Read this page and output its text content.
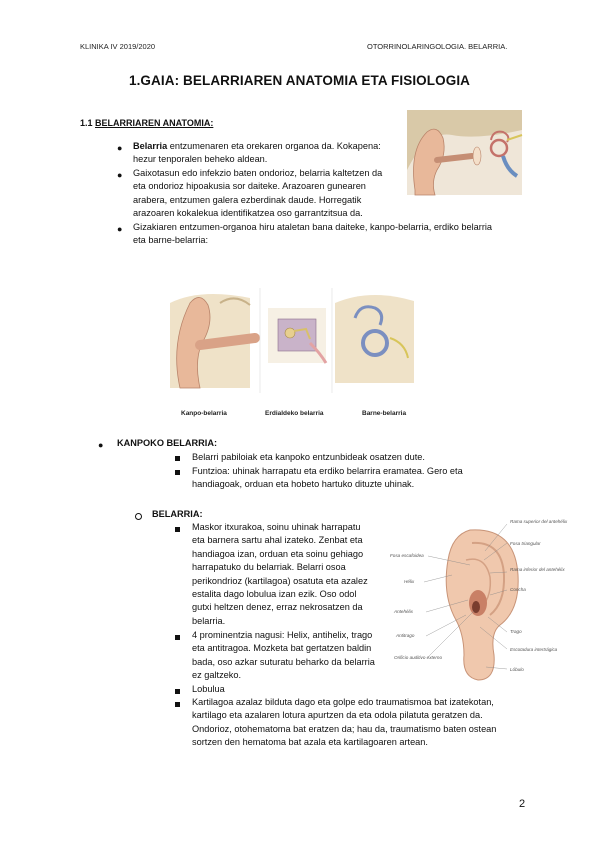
KLINIKA IV 2019/2020	OTORRINOLARINGOLOGIA. BELARRIA.
1.GAIA: BELARRIAREN ANATOMIA ETA FISIOLOGIA
1.1 BELARRIAREN ANATOMIA:
● Belarria entzumenaren eta orekaren organoa da. Kokapena:
hezur tenporalen beheko aldean.
● Gaixotasun edo infekzio baten ondorioz, belarria kaltetzen da
eta ondorioz hipoakusia sor daiteke. Arazoaren gunearen
arabera, entzumen galera ezberdinak daude. Horregatik
arazoaren kokalekua identifikatzea oso garrantzitsua da.
● Gizakiaren entzumen-organoa hiru ataletan bana daiteke, kanpo-belarria, erdiko belarria
eta barne-belarria:
Kanpo-belarria	Erdialdeko belarria	Barne-belarria
● KANPOKO BELARRIA:
Belarri pabiloiak eta kanpoko entzunbideak osatzen dute.
Funtzioa: uhinak harrapatu eta erdiko belarrira eramatea. Gero eta
handiagoak, orduan eta hobeto hartuko dituzte uhinak.
BELARRIA:
Maskor itxurakoa, soinu uhinak harrapatu
eta barnera sartu ahal izateko. Zenbat eta
handiagoa izan, orduan eta soinu gehiago
harrapatuko du belarriak. Belarri osoa
perikondrioz (kartilagoa) osatuta eta azalez
estalita dago lobulua izan ezik. Oso odol
gutxi heltzen denez, erraz nekrosatzen da
belarria.
4 prominentzia nagusi: Helix, antihelix, trago
eta antitragoa. Mozketa bat gertatzen baldin
bada, oso azkar suturatu beharko da belarria
ez galtzeko.
Lobulua
Kartilagoa azalaz bilduta dago eta golpe edo traumatismoa bat izatekotan,
kartilago eta azalaren lotura apurtzen da eta odola pilatuta geratzen da.
Ondorioz, otohematoma bat eratzen da; hau da, traumatismo baten ostean
sortzen den hematoma bat azala eta kartilagoaren artean.
Rama superior del antehélix
Fosa triangular
Fosa escafoidea
Rama inferior del antehélix
Hélix
Concha
Antehélix
Antitrago
Trago
Orificio auditivo externo
Escotadura intertrágica
Lóbulo
2
